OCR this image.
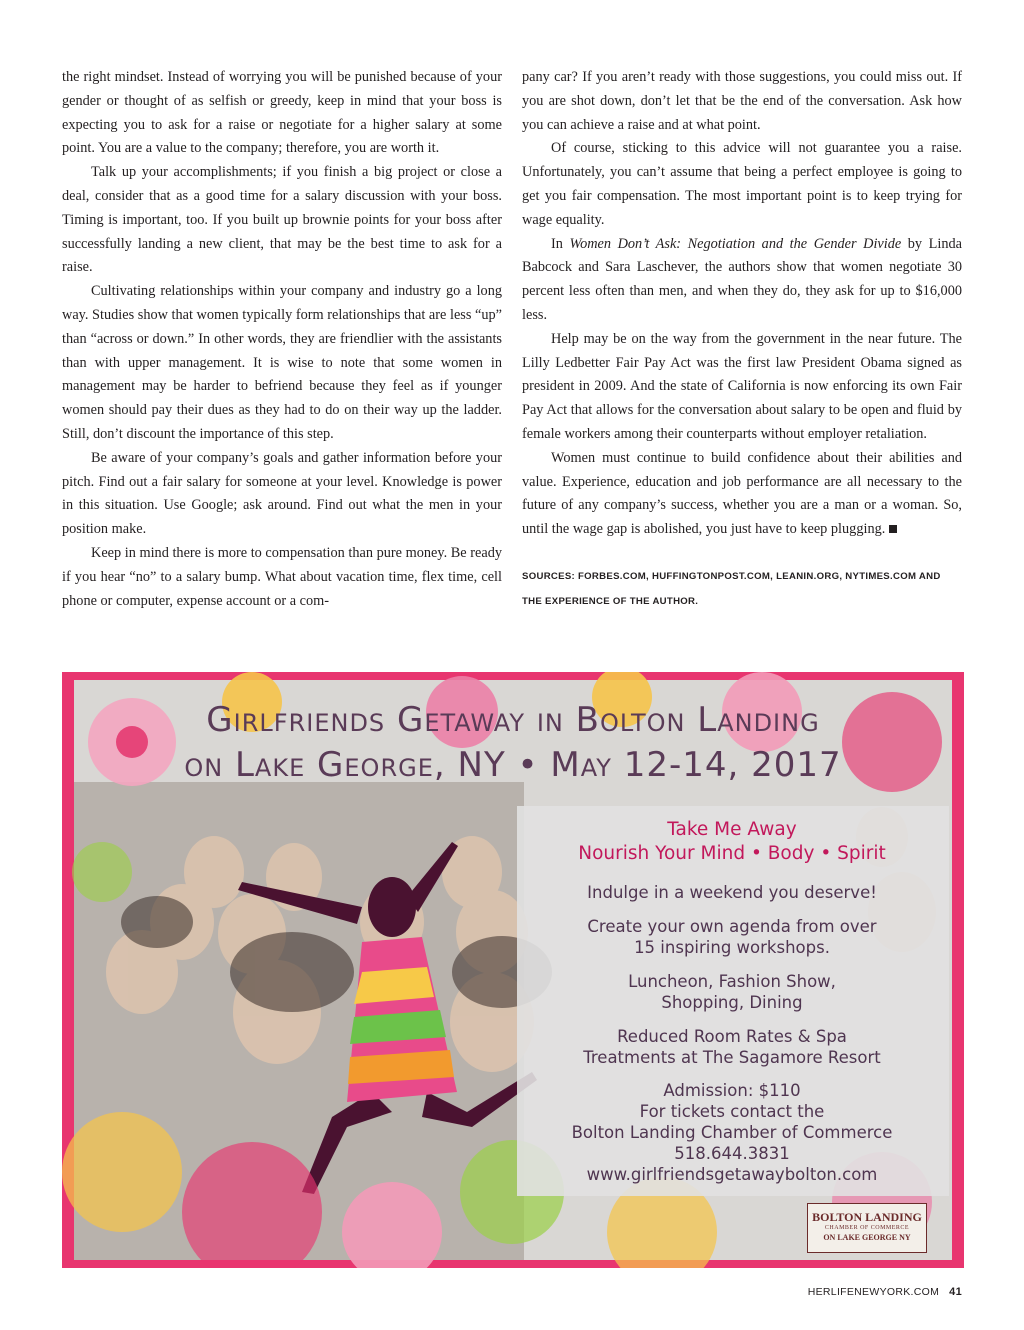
the right mindset. Instead of worrying you will be punished because of your gender or thought of as selfish or greedy, keep in mind that your boss is expecting you to ask for a raise or negotiate for a higher salary at some point. You are a value to the company; therefore, you are worth it.

Talk up your accomplishments; if you finish a big project or close a deal, consider that as a good time for a salary discussion with your boss. Timing is important, too. If you built up brownie points for your boss after successfully landing a new client, that may be the best time to ask for a raise.

Cultivating relationships within your company and industry go a long way. Studies show that women typically form relationships that are less “up” than “across or down.” In other words, they are friendlier with the assistants than with upper management. It is wise to note that some women in management may be harder to befriend because they feel as if younger women should pay their dues as they had to do on their way up the ladder. Still, don’t discount the importance of this step.

Be aware of your company’s goals and gather information before your pitch. Find out a fair salary for someone at your level. Knowledge is power in this situation. Use Google; ask around. Find out what the men in your position make.

Keep in mind there is more to compensation than pure money. Be ready if you hear “no” to a salary bump. What about vacation time, flex time, cell phone or computer, expense account or a com-

pany car? If you aren’t ready with those suggestions, you could miss out. If you are shot down, don’t let that be the end of the conversation. Ask how you can achieve a raise and at what point.

Of course, sticking to this advice will not guarantee you a raise. Unfortunately, you can’t assume that being a perfect employee is going to get you fair compensation. The most important point is to keep trying for wage equality.

In Women Don’t Ask: Negotiation and the Gender Divide by Linda Babcock and Sara Laschever, the authors show that women negotiate 30 percent less often than men, and when they do, they ask for up to $16,000 less.

Help may be on the way from the government in the near future. The Lilly Ledbetter Fair Pay Act was the first law President Obama signed as president in 2009. And the state of California is now enforcing its own Fair Pay Act that allows for the conversation about salary to be open and fluid by female workers among their counterparts without employer retaliation.

Women must continue to build confidence about their abilities and value. Experience, education and job performance are all necessary to the future of any company’s success, whether you are a man or a woman. So, until the wage gap is abolished, you just have to keep plugging.

SOURCES: FORBES.COM, HUFFINGTONPOST.COM, LEANIN.ORG, NYTIMES.COM AND THE EXPERIENCE OF THE AUTHOR.

Girlfriends Getaway in Bolton Landing
on Lake George, NY • May 12-14, 2017
Take Me Away
Nourish Your Mind • Body • Spirit
Indulge in a weekend you deserve!
Create your own agenda from over
15 inspiring workshops.
Luncheon, Fashion Show,
Shopping, Dining
Reduced Room Rates & Spa
Treatments at The Sagamore Resort
Admission: $110
For tickets contact the
Bolton Landing Chamber of Commerce
518.644.3831
www.girlfriendsgetawaybolton.com
BOLTON LANDING
CHAMBER OF COMMERCE
ON LAKE GEORGE NY
HERLIFENEWYORK.COM 41
